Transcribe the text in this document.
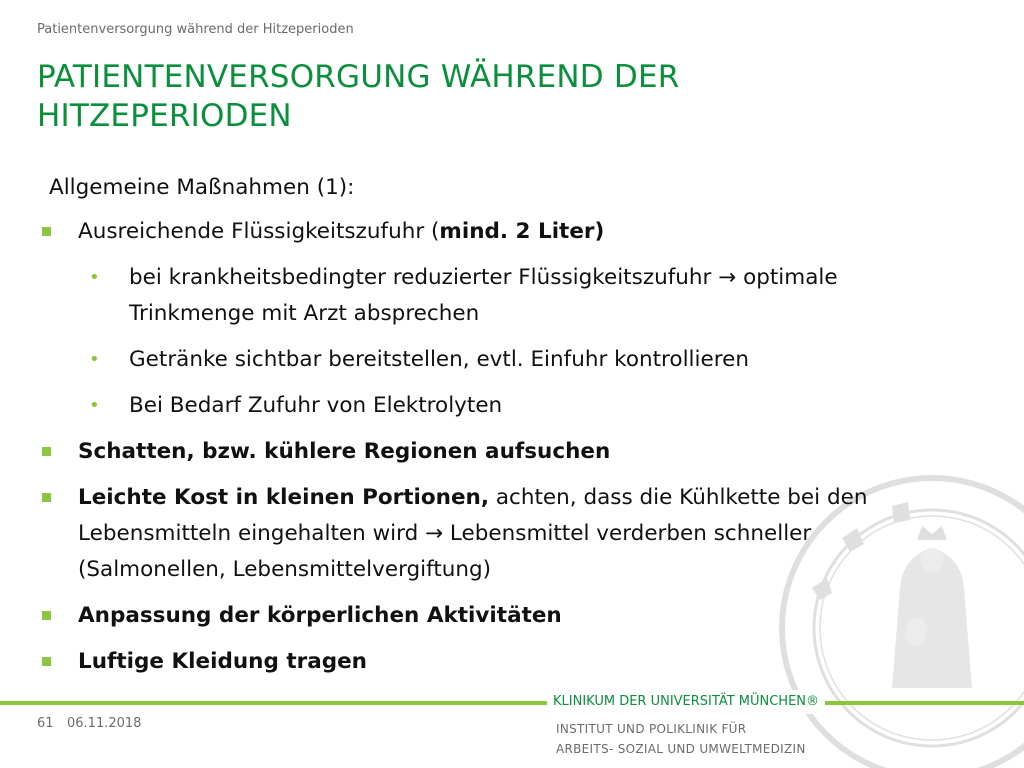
Patientenversorgung während der Hitzeperioden
PATIENTENVERSORGUNG WÄHREND DER HITZEPERIODEN
Allgemeine Maßnahmen (1):
Ausreichende Flüssigkeitszufuhr (mind. 2 Liter)
• bei krankheitsbedingter reduzierter Flüssigkeitszufuhr → optimale Trinkmenge mit Arzt absprechen
• Getränke sichtbar bereitstellen, evtl. Einfuhr kontrollieren
• Bei Bedarf Zufuhr von Elektrolyten
Schatten, bzw. kühlere Regionen aufsuchen
Leichte Kost in kleinen Portionen, achten, dass die Kühlkette bei den Lebensmitteln eingehalten wird → Lebensmittel verderben schneller (Salmonellen, Lebensmittelvergiftung)
Anpassung der körperlichen Aktivitäten
Luftige Kleidung tragen
KLINIKUM DER UNIVERSITÄT MÜNCHEN®
61 06.11.2018	INSTITUT UND POLIKLINIK FÜR
ARBEITS- SOZIAL UND UMWELTMEDIZIN
